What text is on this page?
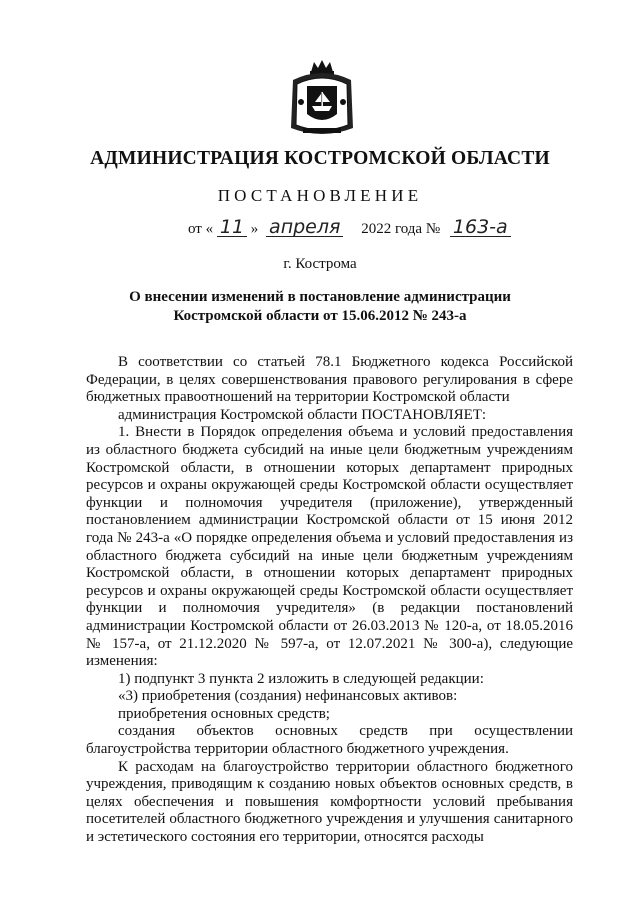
АДМИНИСТРАЦИЯ КОСТРОМСКОЙ ОБЛАСТИ
ПОСТАНОВЛЕНИЕ
от « 11 » апреля 2022 года № 163-а
г. Кострома
О внесении изменений в постановление администрации
Костромской области от 15.06.2012 № 243-а

В соответствии со статьей 78.1 Бюджетного кодекса Российской Федерации, в целях совершенствования правового регулирования в сфере бюджетных правоотношений на территории Костромской области

администрация Костромской области ПОСТАНОВЛЯЕТ:

1. Внести в Порядок определения объема и условий предоставления из областного бюджета субсидий на иные цели бюджетным учреждениям Костромской области, в отношении которых департамент природных ресурсов и охраны окружающей среды Костромской области осуществляет функции и полномочия учредителя (приложение), утвержденный постановлением администрации Костромской области от 15 июня 2012 года № 243-а «О порядке определения объема и условий предоставления из областного бюджета субсидий на иные цели бюджетным учреждениям Костромской области, в отношении которых департамент природных ресурсов и охраны окружающей среды Костромской области осуществляет функции и полномочия учредителя» (в редакции постановлений администрации Костромской области от 26.03.2013 № 120-а, от 18.05.2016 № 157-а, от 21.12.2020 № 597-а, от 12.07.2021 № 300-а), следующие изменения:

1) подпункт 3 пункта 2 изложить в следующей редакции:

«3) приобретения (создания) нефинансовых активов:

приобретения основных средств;

создания объектов основных средств при осуществлении благоустройства территории областного бюджетного учреждения.

К расходам на благоустройство территории областного бюджетного учреждения, приводящим к созданию новых объектов основных средств, в целях обеспечения и повышения комфортности условий пребывания посетителей областного бюджетного учреждения и улучшения санитарного и эстетического состояния его территории, относятся расходы
